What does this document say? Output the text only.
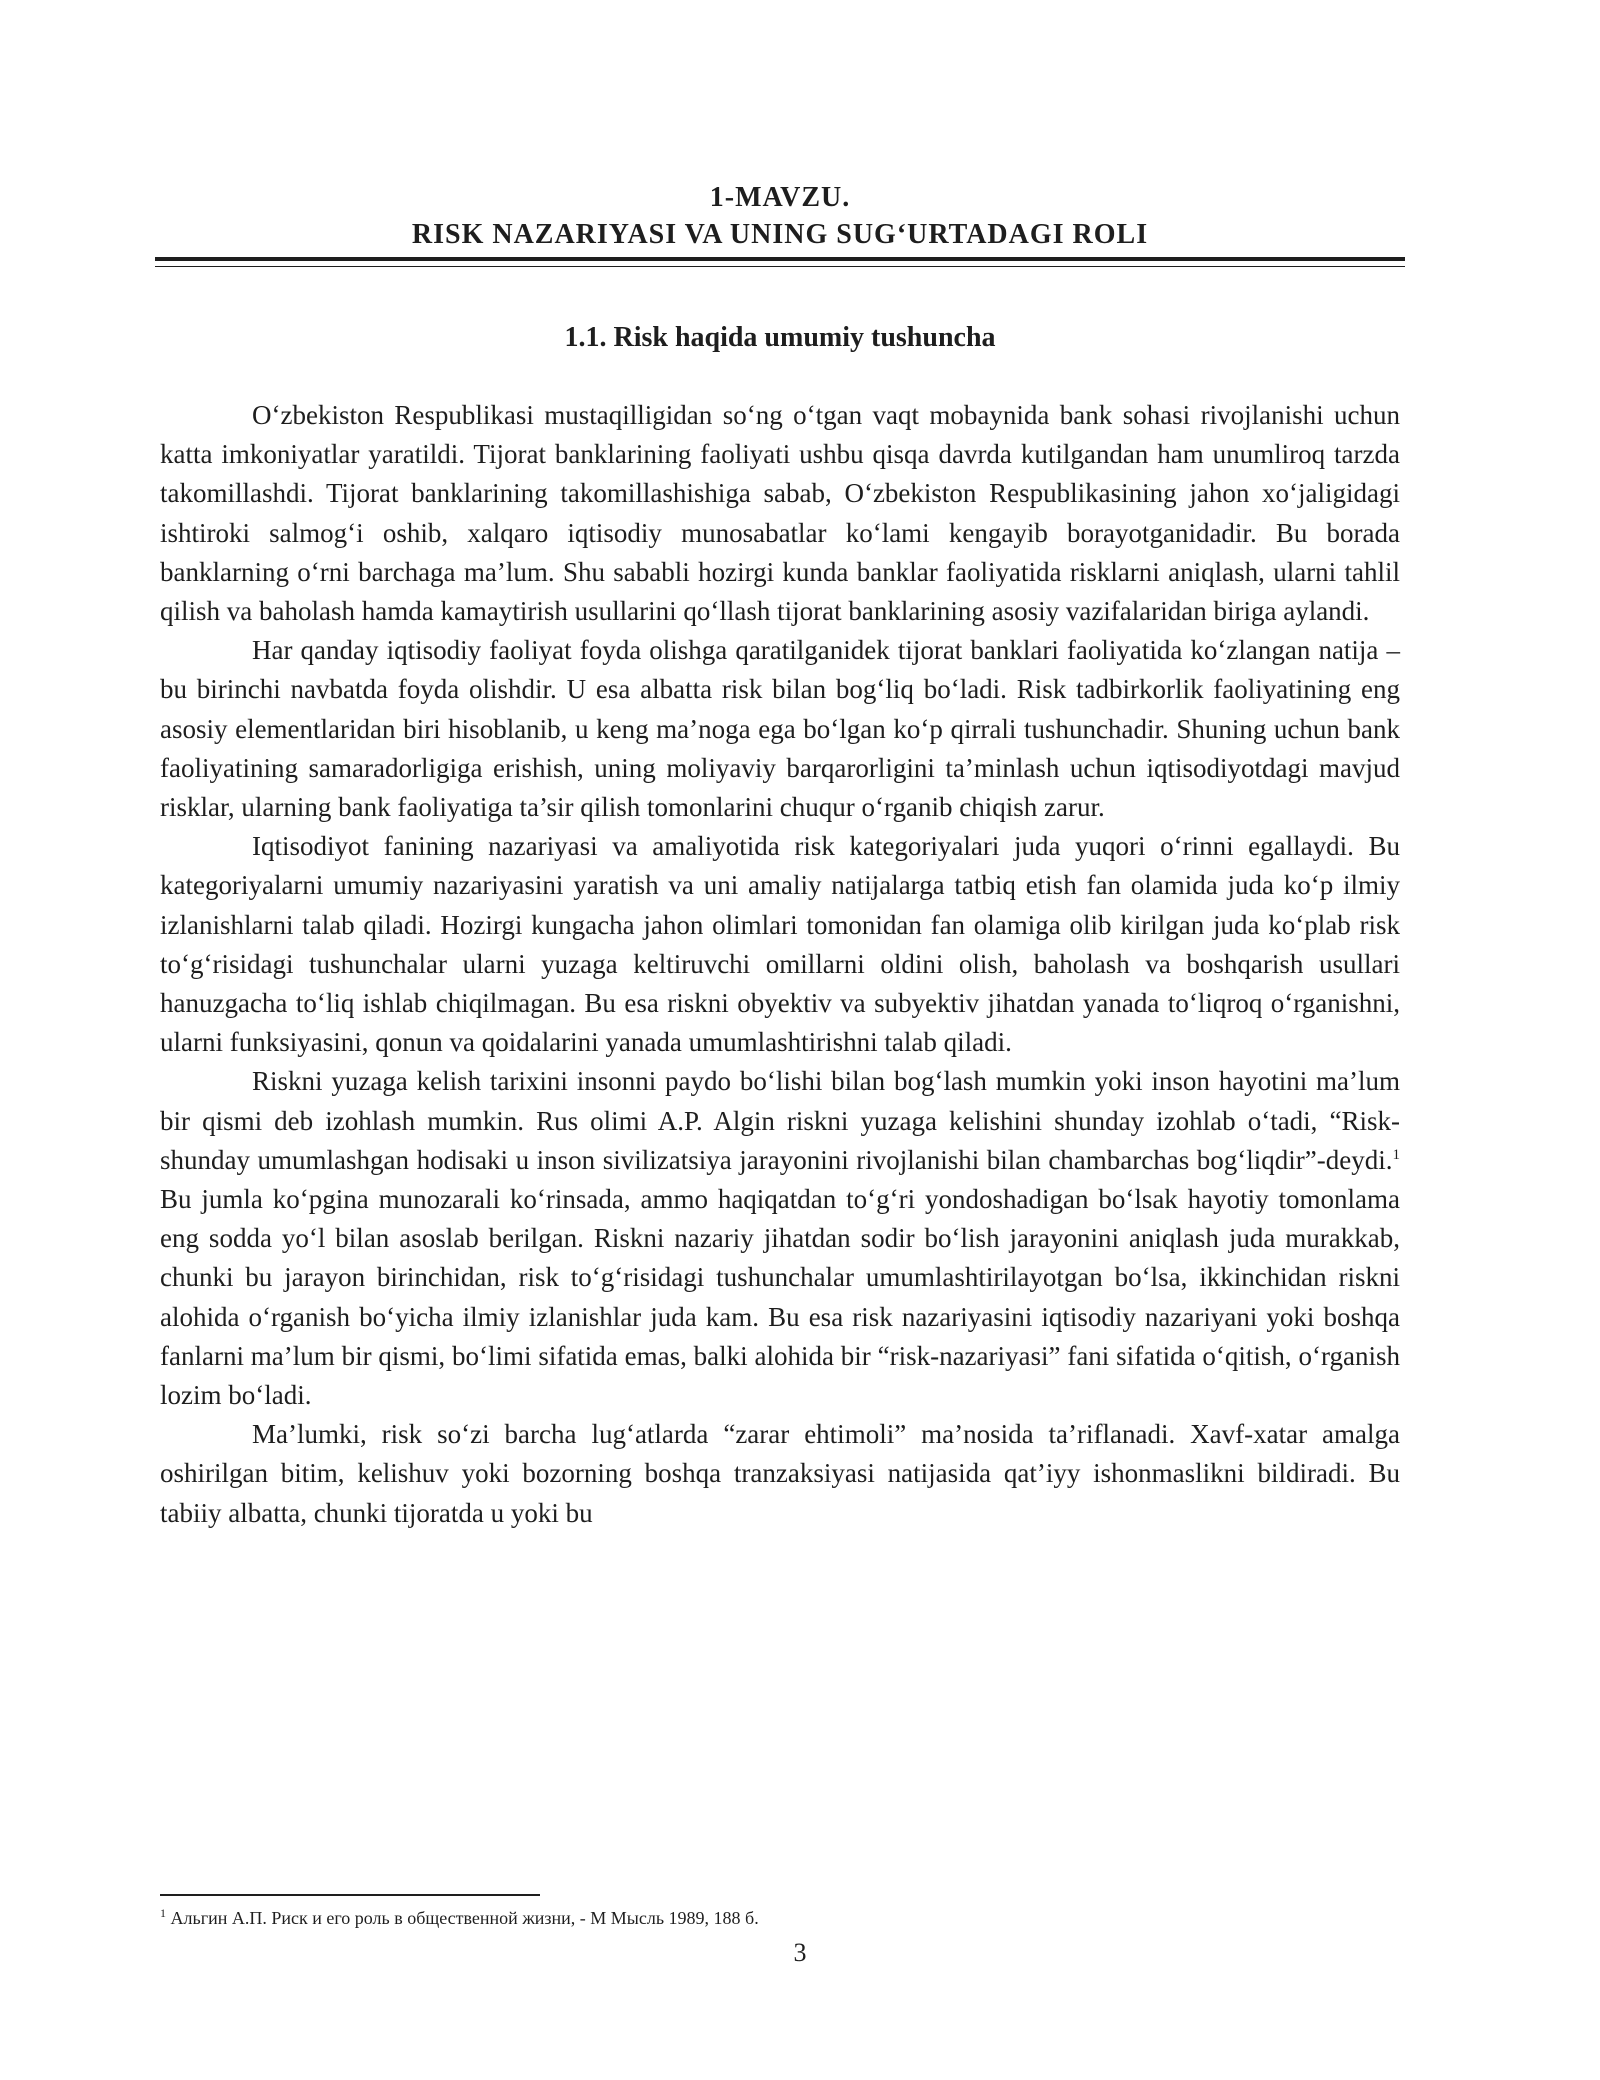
1-MAVZU.
RISK NAZARIYASI VA UNING SUG‘URTADAGI ROLI
1.1. Risk haqida umumiy tushuncha

O‘zbekiston Respublikasi mustaqilligidan so‘ng o‘tgan vaqt mobaynida bank sohasi rivojlanishi uchun katta imkoniyatlar yaratildi. Tijorat banklarining faoliyati ushbu qisqa davrda kutilgandan ham unumliroq tarzda takomillashdi. Tijorat banklarining takomillashishiga sabab, O‘zbekiston Respublikasining jahon xo‘jaligidagi ishtiroki salmog‘i oshib, xalqaro iqtisodiy munosabatlar ko‘lami kengayib borayotganidadir. Bu borada banklarning o‘rni barchaga ma’lum. Shu sababli hozirgi kunda banklar faoliyatida risklarni aniqlash, ularni tahlil qilish va baholash hamda kamaytirish usullarini qo‘llash tijorat banklarining asosiy vazifalaridan biriga aylandi.

Har qanday iqtisodiy faoliyat foyda olishga qaratilganidek tijorat banklari faoliyatida ko‘zlangan natija – bu birinchi navbatda foyda olishdir. U esa albatta risk bilan bog‘liq bo‘ladi. Risk tadbirkorlik faoliyatining eng asosiy elementlaridan biri hisoblanib, u keng ma’noga ega bo‘lgan ko‘p qirrali tushunchadir. Shuning uchun bank faoliyatining samaradorligiga erishish, uning moliyaviy barqarorligini ta’minlash uchun iqtisodiyotdagi mavjud risklar, ularning bank faoliyatiga ta’sir qilish tomonlarini chuqur o‘rganib chiqish zarur.

Iqtisodiyot fanining nazariyasi va amaliyotida risk kategoriyalari juda yuqori o‘rinni egallaydi. Bu kategoriyalarni umumiy nazariyasini yaratish va uni amaliy natijalarga tatbiq etish fan olamida juda ko‘p ilmiy izlanishlarni talab qiladi. Hozirgi kungacha jahon olimlari tomonidan fan olamiga olib kirilgan juda ko‘plab risk to‘g‘risidagi tushunchalar ularni yuzaga keltiruvchi omillarni oldini olish, baholash va boshqarish usullari hanuzgacha to‘liq ishlab chiqilmagan. Bu esa riskni obyektiv va subyektiv jihatdan yanada to‘liqroq o‘rganishni, ularni funksiyasini, qonun va qoidalarini yanada umumlashtirishni talab qiladi.

Riskni yuzaga kelish tarixini insonni paydo bo‘lishi bilan bog‘lash mumkin yoki inson hayotini ma’lum bir qismi deb izohlash mumkin. Rus olimi A.P. Algin riskni yuzaga kelishini shunday izohlab o‘tadi, “Risk-shunday umumlashgan hodisaki u inson sivilizatsiya jarayonini rivojlanishi bilan chambarchas bog‘liqdir”-deydi.$^1$ Bu jumla ko‘pgina munozarali ko‘rinsada, ammo haqiqatdan to‘g‘ri yondoshadigan bo‘lsak hayotiy tomonlama eng sodda yo‘l bilan asoslab berilgan. Riskni nazariy jihatdan sodir bo‘lish jarayonini aniqlash juda murakkab, chunki bu jarayon birinchidan, risk to‘g‘risidagi tushunchalar umumlashtirilayotgan bo‘lsa, ikkinchidan riskni alohida o‘rganish bo‘yicha ilmiy izlanishlar juda kam. Bu esa risk nazariyasini iqtisodiy nazariyani yoki boshqa fanlarni ma’lum bir qismi, bo‘limi sifatida emas, balki alohida bir “risk-nazariyasi” fani sifatida o‘qitish, o‘rganish lozim bo‘ladi.

Ma’lumki, risk so‘zi barcha lug‘atlarda “zarar ehtimoli” ma’nosida ta’riflanadi. Xavf-xatar amalga oshirilgan bitim, kelishuv yoki bozorning boshqa tranzaksiyasi natijasida qat’iyy ishonmaslikni bildiradi. Bu tabiiy albatta, chunki tijoratda u yoki bu

$^1$ Альгин А.П. Риск и его роль в общественной жизни, - М Мысль 1989, 188 б.
3
